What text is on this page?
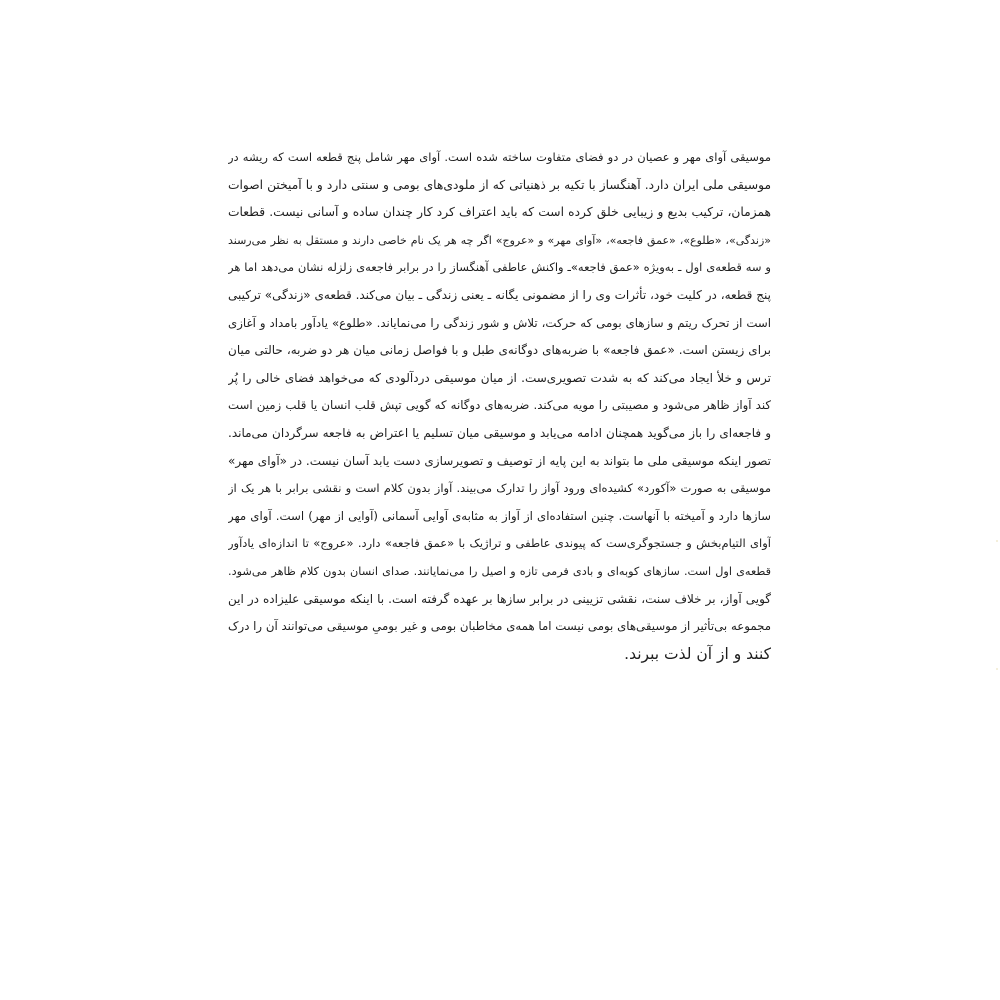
موسیقی آوای مهر و عصیان در دو فضای متفاوت ساخته شده است. آوای مهر شامل پنج قطعه است که ریشه در
موسیقی ملی ایران دارد. آهنگساز با تکیه بر ذهنیاتی که از ملودی‌های بومی و سنتی دارد و با آمیختن اصوات
همزمان، ترکیب بدیع و زیبایی خلق کرده است که باید اعتراف کرد کار چندان ساده و آسانی نیست. قطعات
«زندگی»، «طلوع»، «عمق فاجعه»، «آوای مهر» و «عروج» اگر چه هر یک نام خاصی دارند و مستقل به نظر می‌رسند
و سه قطعه‌ی اول ـ به‌ویژه «عمق فاجعه»ـ واکنش عاطفی آهنگساز را در برابر فاجعه‌ی زلزله نشان می‌دهد اما هر
پنج قطعه، در کلیت خود، تأثرات وی را از مضمونی یگانه ـ یعنی زندگی ـ بیان می‌کند. قطعه‌ی «زندگی» ترکیبی
است از تحرک ریتم و سازهای بومی که حرکت، تلاش و شور زندگی را می‌نمایاند. «طلوع» یادآور بامداد و آغازی
برای زیستن است. «عمق فاجعه» با ضربه‌های دوگانه‌ی طبل و با فواصل زمانی میان هر دو ضربه، حالتی میان
ترس و خلأ ایجاد می‌کند که به شدت تصویری‌ست. از میان موسیقی دردآلودی که می‌خواهد فضای خالی را پُر
کند آواز ظاهر می‌شود و مصیبتی را مویه می‌کند. ضربه‌های دوگانه که گویی تپش قلب انسان یا قلب زمین است
و فاجعه‌ای را باز می‌گوید همچنان ادامه می‌یابد و موسیقی میان تسلیم یا اعتراض به فاجعه سرگردان می‌ماند.
تصور اینکه موسیقی ملی ما بتواند به این پایه از توصیف و تصویرسازی دست یابد آسان نیست. در «آوای مهر»
موسیقی به صورت «آکورد» کشیده‌ای ورود آواز را تدارک می‌بیند. آواز بدون کلام است و نقشی برابر با هر یک از
سازها دارد و آمیخته با آنهاست. چنین استفاده‌ای از آواز به مثابه‌ی آوایی آسمانی (آوایی از مهر) است. آوای مهر
آوای التیام‌بخش و جستجوگری‌ست که پیوندی عاطفی و تراژیک با «عمق فاجعه» دارد. «عروج» تا اندازه‌ای یادآور
قطعه‌ی اول است. سازهای کوبه‌ای و بادی فرمی تازه و اصیل را می‌نمایانند. صدای انسان بدون کلام ظاهر می‌شود.
گویی آواز، بر خلاف سنت، نقشی تزیینی در برابر سازها بر عهده گرفته است. با اینکه موسیقی علیزاده در این
مجموعه بی‌تأثیر از موسیقی‌های بومی نیست اما همه‌ی مخاطبان بومی و غیر بومیِ موسیقی می‌توانند آن را درک
کنند و از آن لذت ببرند.
